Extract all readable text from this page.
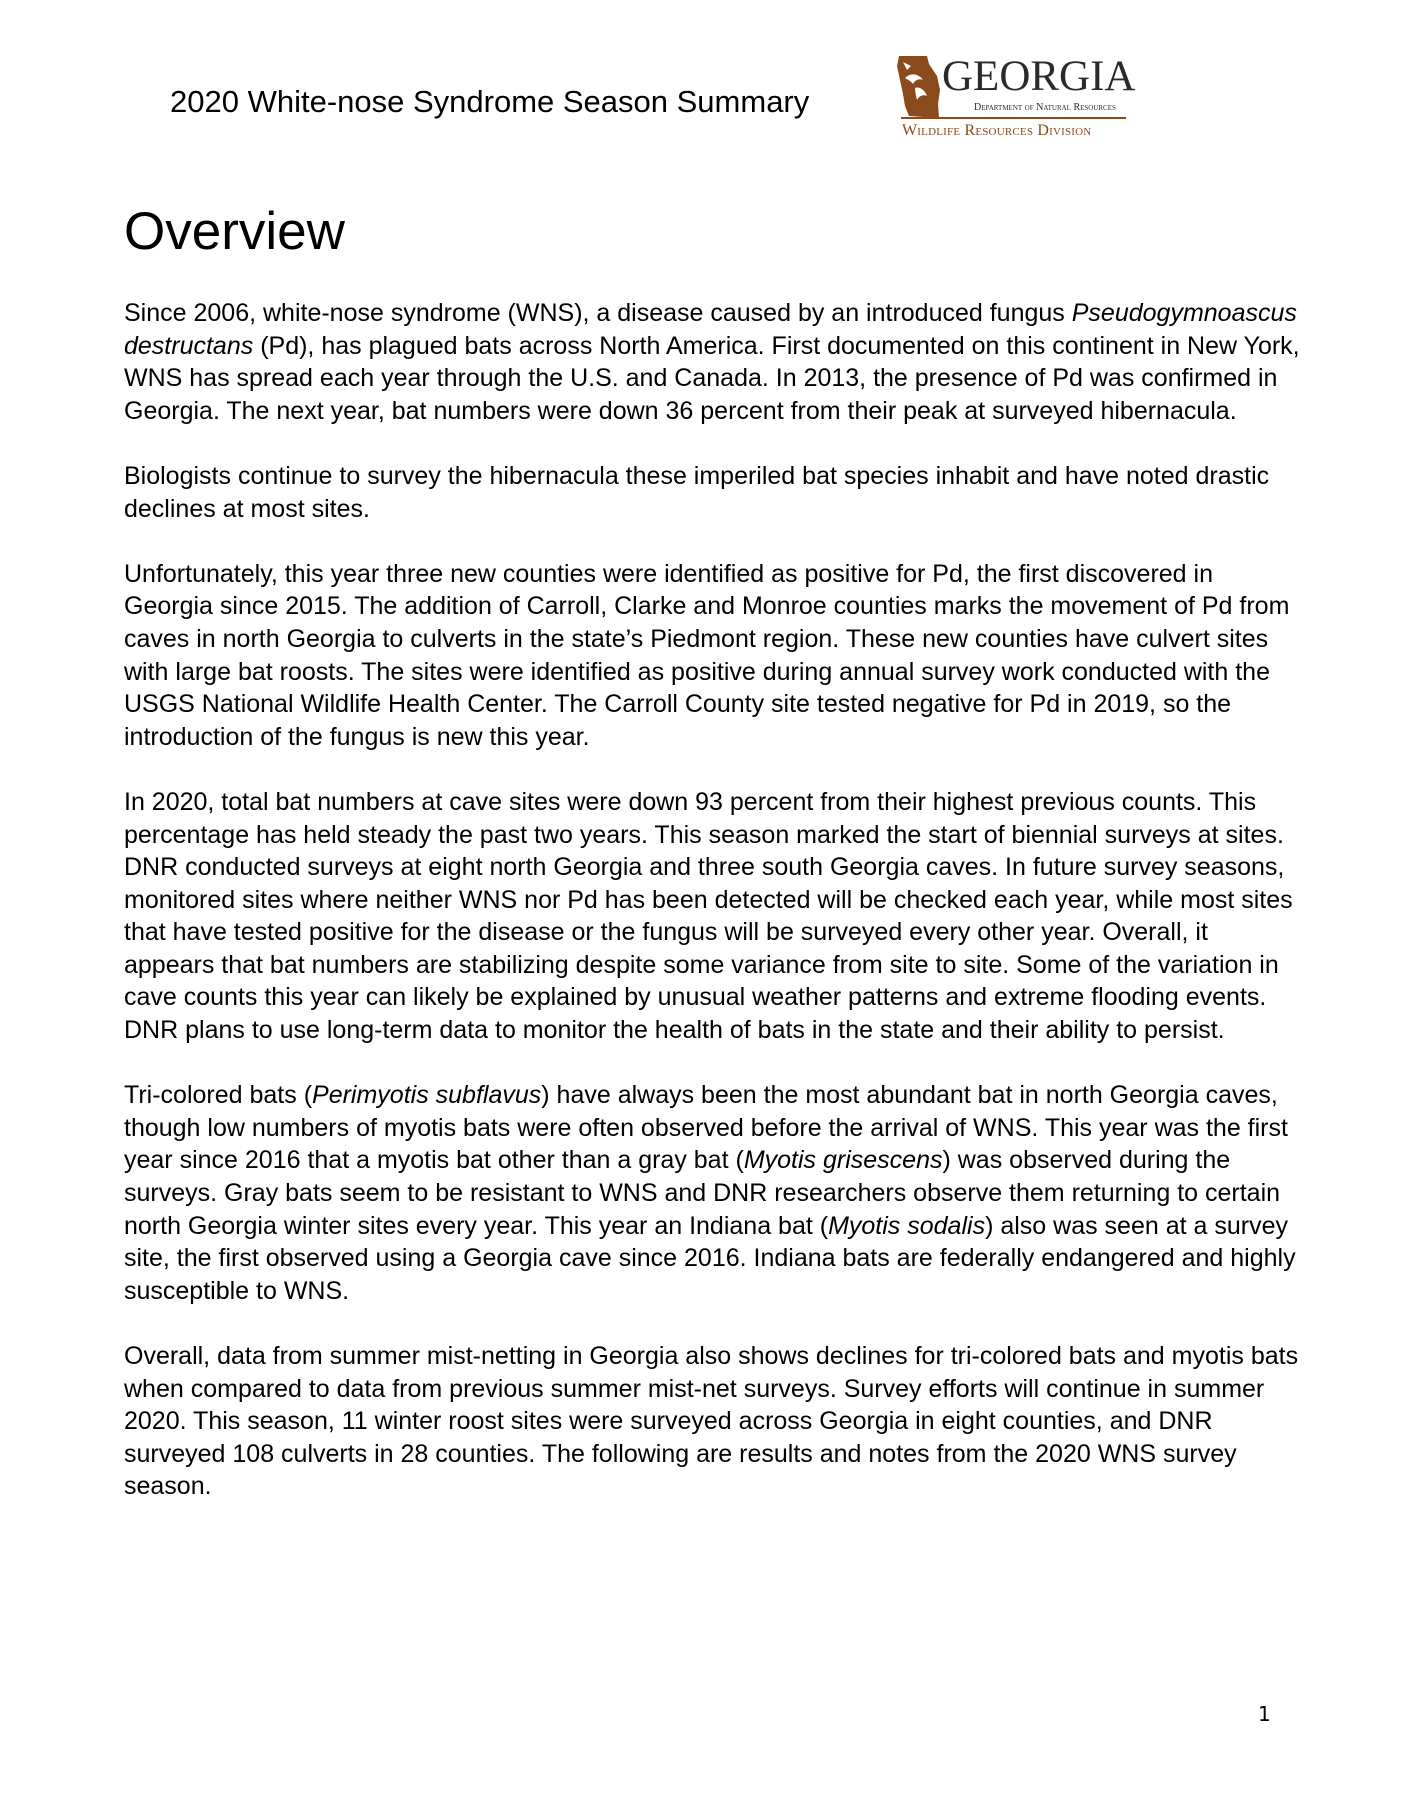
2020 White-nose Syndrome Season Summary
GEORGIA
Department of Natural Resources
Wildlife Resources Division
Overview

Since 2006, white-nose syndrome (WNS), a disease caused by an introduced fungus Pseudogymnoascus destructans (Pd), has plagued bats across North America. First documented on this continent in New York, WNS has spread each year through the U.S. and Canada. In 2013, the presence of Pd was confirmed in Georgia. The next year, bat numbers were down 36 percent from their peak at surveyed hibernacula.

Biologists continue to survey the hibernacula these imperiled bat species inhabit and have noted drastic declines at most sites.

Unfortunately, this year three new counties were identified as positive for Pd, the first discovered in Georgia since 2015. The addition of Carroll, Clarke and Monroe counties marks the movement of Pd from caves in north Georgia to culverts in the state’s Piedmont region. These new counties have culvert sites with large bat roosts. The sites were identified as positive during annual survey work conducted with the USGS National Wildlife Health Center. The Carroll County site tested negative for Pd in 2019, so the introduction of the fungus is new this year.

In 2020, total bat numbers at cave sites were down 93 percent from their highest previous counts. This percentage has held steady the past two years. This season marked the start of biennial surveys at sites. DNR conducted surveys at eight north Georgia and three south Georgia caves. In future survey seasons, monitored sites where neither WNS nor Pd has been detected will be checked each year, while most sites that have tested positive for the disease or the fungus will be surveyed every other year. Overall, it appears that bat numbers are stabilizing despite some variance from site to site. Some of the variation in cave counts this year can likely be explained by unusual weather patterns and extreme flooding events. DNR plans to use long-term data to monitor the health of bats in the state and their ability to persist.

Tri-colored bats (Perimyotis subflavus) have always been the most abundant bat in north Georgia caves, though low numbers of myotis bats were often observed before the arrival of WNS. This year was the first year since 2016 that a myotis bat other than a gray bat (Myotis grisescens) was observed during the surveys. Gray bats seem to be resistant to WNS and DNR researchers observe them returning to certain north Georgia winter sites every year. This year an Indiana bat (Myotis sodalis) also was seen at a survey site, the first observed using a Georgia cave since 2016. Indiana bats are federally endangered and highly susceptible to WNS.

Overall, data from summer mist-netting in Georgia also shows declines for tri-colored bats and myotis bats when compared to data from previous summer mist-net surveys. Survey efforts will continue in summer 2020. This season, 11 winter roost sites were surveyed across Georgia in eight counties, and DNR surveyed 108 culverts in 28 counties. The following are results and notes from the 2020 WNS survey season.

1
